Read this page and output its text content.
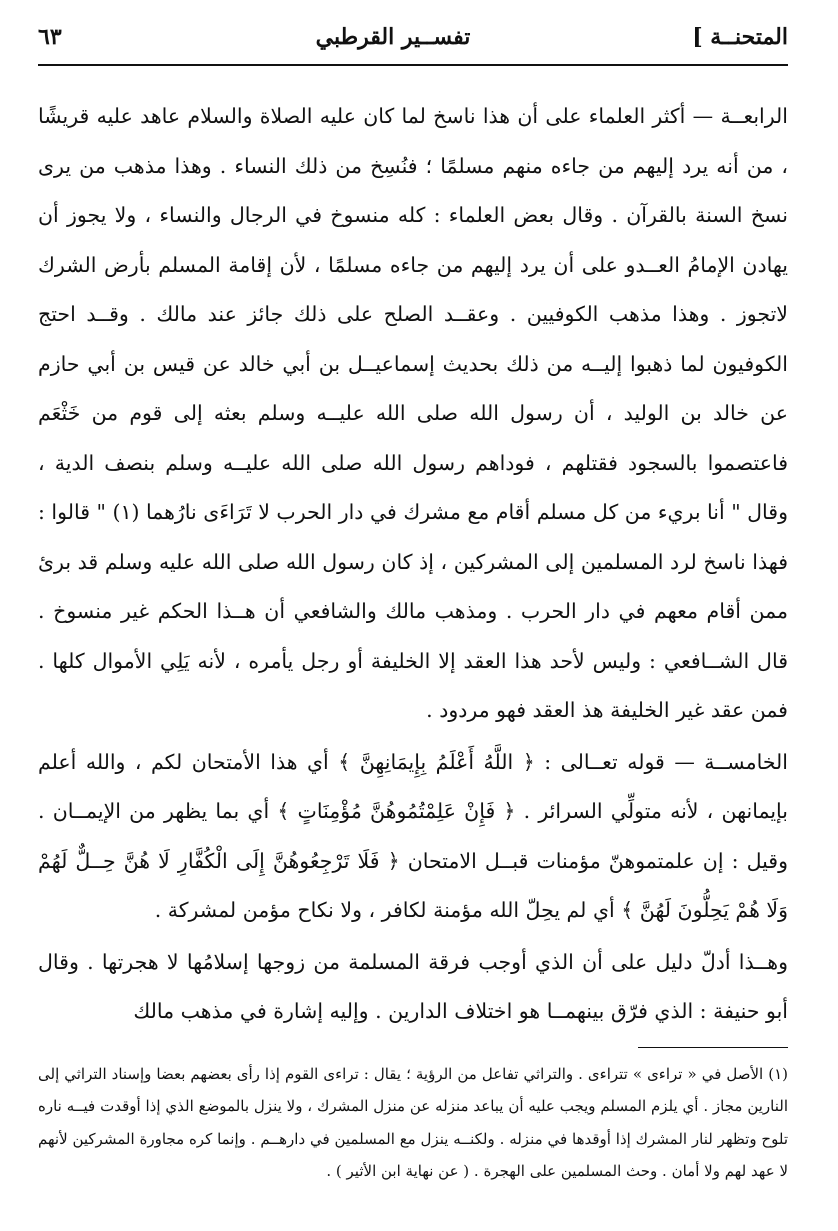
المتحنــة ]
تفســير القرطبي
٦٣

الرابعــة — أكثر العلماء على أن هذا ناسخ لما كان عليه الصلاة والسلام عاهد عليه قريشًا ، من أنه يرد إليهم من جاءه منهم مسلمًا ؛ فنُسِخ من ذلك النساء . وهذا مذهب من يرى نسخ السنة بالقرآن . وقال بعض العلماء : كله منسوخ في الرجال والنساء ، ولا يجوز أن يهادن الإمامُ العــدو على أن يرد إليهم من جاءه مسلمًا ، لأن إقامة المسلم بأرض الشرك لاتجوز . وهذا مذهب الكوفيين . وعقــد الصلح على ذلك جائز عند مالك . وقــد احتج الكوفيون لما ذهبوا إليــه من ذلك بحديث إسماعيــل بن أبي خالد عن قيس بن أبي حازم عن خالد بن الوليد ، أن رسول الله صلى الله عليــه وسلم بعثه إلى قوم من خَثْعَم فاعتصموا بالسجود فقتلهم ، فوداهم رسول الله صلى الله عليــه وسلم بنصف الدية ، وقال " أنا بريء من كل مسلم أقام مع مشرك في دار الحرب لا تَرَاءَى نارُهما (١) " قالوا : فهذا ناسخ لرد المسلمين إلى المشركين ، إذ كان رسول الله صلى الله عليه وسلم قد برئ ممن أقام معهم في دار الحرب . ومذهب مالك والشافعي أن هــذا الحكم غير منسوخ . قال الشــافعي : وليس لأحد هذا العقد إلا الخليفة أو رجل يأمره ، لأنه يَلِي الأموال كلها . فمن عقد غير الخليفة هذ العقد فهو مردود .

الخامســة — قوله تعــالى : ﴿ اللَّهُ أَعْلَمُ بِإِيمَانِهِنَّ ﴾ أي هذا الأمتحان لكم ، والله أعلم بإيمانهن ، لأنه متولِّي السرائر . ﴿ فَإِنْ عَلِمْتُمُوهُنَّ مُؤْمِنَاتٍ ﴾ أي بما يظهر من الإيمــان . وقيل : إن علمتموهنّ مؤمنات قبــل الامتحان ﴿ فَلَا تَرْجِعُوهُنَّ إِلَى الْكُفَّارِ لَا هُنَّ حِــلٌّ لَهُمْ وَلَا هُمْ يَحِلُّونَ لَهُنَّ ﴾ أي لم يحِلّ الله مؤمنة لكافر ، ولا نكاح مؤمن لمشركة .

وهــذا أدلّ دليل على أن الذي أوجب فرقة المسلمة من زوجها إسلامُها لا هجرتها . وقال أبو حنيفة : الذي فرّق بينهمــا هو اختلاف الدارين . وإليه إشارة في مذهب مالك

(١) الأصل في « تراءى » تتراءى . والتراثي تفاعل من الرؤية ؛ يقال : تراءى القوم إذا رأى بعضهم بعضا وإسناد التراثي إلى النارين مجاز . أي يلزم المسلم ويجب عليه أن يباعد منزله عن منزل المشرك ، ولا ينزل بالموضع الذي إذا أوقدت فيــه ناره تلوح وتظهر لنار المشرك إذا أوقدها في منزله . ولكنــه ينزل مع المسلمين في دارهــم . وإنما كره مجاورة المشركين لأنهم لا عهد لهم ولا أمان . وحث المسلمين على الهجرة . ( عن نهاية ابن الأثير ) .
